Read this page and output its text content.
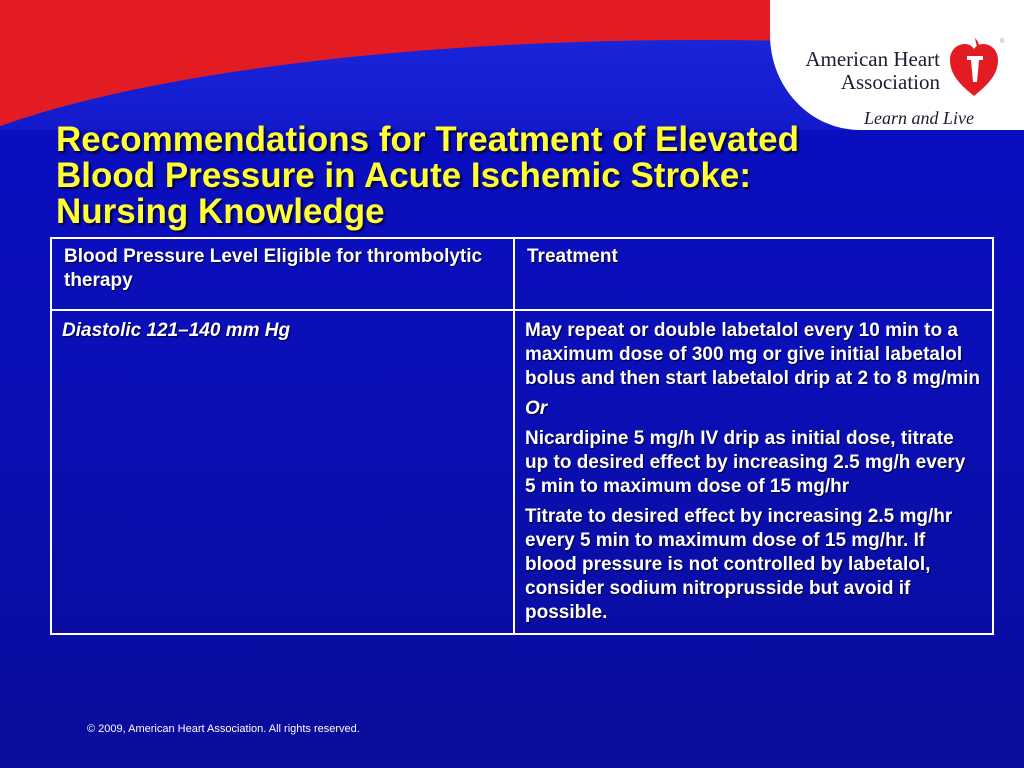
American Heart
Association
Learn and Live
®
Recommendations for Treatment of Elevated
Blood Pressure in Acute Ischemic Stroke:
Nursing Knowledge
Blood Pressure Level Eligible for thrombolytic therapy	Treatment
Diastolic 121–140 mm Hg	May repeat or double labetalol every 10 min to a maximum dose of 300 mg or give initial labetalol bolus and then start labetalol drip at 2 to 8 mg/min

Or

Nicardipine 5 mg/h IV drip as initial dose, titrate up to desired effect by increasing 2.5 mg/h every 5 min to maximum dose of 15 mg/hr

Titrate to desired effect by increasing 2.5 mg/hr every 5 min to maximum dose of 15 mg/hr. If blood pressure is not controlled by labetalol, consider sodium nitroprusside but avoid if possible.

© 2009, American Heart Association. All rights reserved.
